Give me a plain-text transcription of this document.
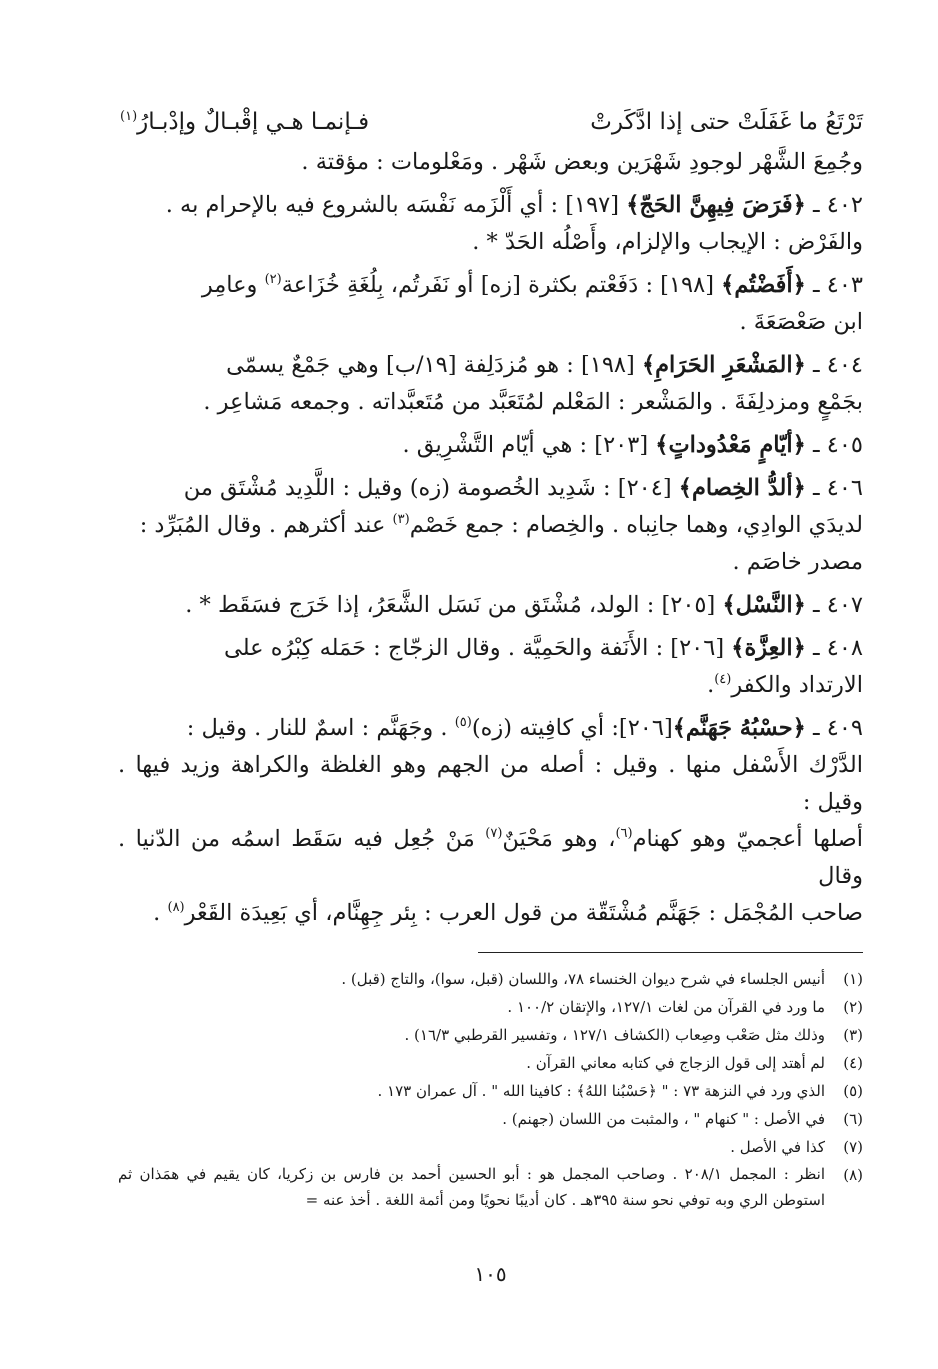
تَرْتَعُ ما غَفَلَتْ حتى إذا ادَّكَرتْ
فـإنمـا هـي إقْبـالٌ وإدْبـارُ$^{(١)}$
وجُمِعَ الشَّهْر لوجودِ شَهْرَين وبعض شَهْر . ومَعْلومات : مؤقتة .
٤٠٢ ـ ﴿فَرَضَ فِيهِنَّ الحَجّ﴾ [١٩٧] : أي أَلْزَمه نَفْسَه بالشروع فيه بالإحرام به .
والفَرْض : الإيجاب والإلزام، وأَصْلُه الحَدّ * .
٤٠٣ ـ ﴿أَفَضْتُم﴾ [١٩٨] : دَفَعْتم بكثرة [زه] أو نَفَرتُم، بِلُغَةِ خُزَاعة$^{(٢)}$ وعامِر
ابن صَعْصَعَةَ .
٤٠٤ ـ ﴿المَشْعَرِ الحَرَامِ﴾ [١٩٨] : هو مُزدَلِفة [١٩/ب] وهي جَمْعٌ يسمّى
بجَمْعٍ ومزدلِفَةَ . والمَشْعر : المَعْلم لمُتَعَبَّد من مُتَعبَّداته . وجمعه مَشاعِر .
٤٠٥ ـ ﴿أيّامٍ مَعْدُوداتٍ﴾ [٢٠٣] : هي أيّام التَّشْرِيق .
٤٠٦ ـ ﴿ألدُّ الخِصام﴾ [٢٠٤] : شَدِيد الخُصومة (زه) وقيل : اللَّدِيد مُشْتَق من
لديدَي الوادِي، وهما جانِباه . والخِصام : جمع خَصْم$^{(٣)}$ عند أكثرهم . وقال المُبَرِّد :
مصدر خاصَم .
٤٠٧ ـ ﴿النَّسْل﴾ [٢٠٥] : الولد، مُشْتَق من نَسَل الشَّعَرُ، إذا خَرَج فسَقَط * .
٤٠٨ ـ ﴿العِزَّة﴾ [٢٠٦] : الأَنَفة والحَمِيَّة . وقال الزجّاج : حَمَله كِبْرُه على
الارتداد والكفر$^{(٤)}$.
٤٠٩ ـ ﴿حسْبُهُ جَهَنَّم﴾[٢٠٦]: أي كافِيته (زه)$^{(٥)}$ . وجَهَنَّم : اسمٌ للنار . وقيل :
الدَّرْك الأَسْفل منها . وقيل : أصله من الجهم وهو الغلظة والكراهة وزيد فيها . وقيل :
أصلها أعجميّ وهو كهنام$^{(٦)}$، وهو مَحْيَنٌ$^{(٧)}$ مَنْ جُعِل فيه سَقَط اسمُه من الدّنيا . وقال
صاحب المُجْمَل : جَهَنَّم مُشْتَقّة من قول العرب : بِئر جِهِنَّام، أي بَعِيدَة القَعْر$^{(٨)}$ .
(١)
أنيس الجلساء في شرح ديوان الخنساء ٧٨، واللسان (قبل، سوا)، والتاج (قبل) .
(٢)
ما ورد في القرآن من لغات ١٢٧/١، والإتقان ١٠٠/٢ .
(٣)
وذلك مثل صَعْب وصِعاب (الكشاف ١٢٧/١ ، وتفسير القرطبي ١٦/٣) .
(٤)
لم أهتد إلى قول الزجاج في كتابه معاني القرآن .
(٥)
الذي ورد في النزهة ٧٣ : " ﴿حَسْبُنا اللهُ﴾ : كافينا الله " . آل عمران ١٧٣ .
(٦)
في الأصل : " كنهام " ، والمثبت من اللسان (جهنم) .
(٧)
كذا في الأصل .
(٨)
انظر : المجمل ٢٠٨/١ . وصاحب المجمل هو : أبو الحسين أحمد بن فارس بن زكريا، كان يقيم في همَذان ثم استوطن الري وبه توفي نحو سنة ٣٩٥هـ . كان أديبًا نحويًا ومن أئمة اللغة . أخذ عنه =
١٠٥
